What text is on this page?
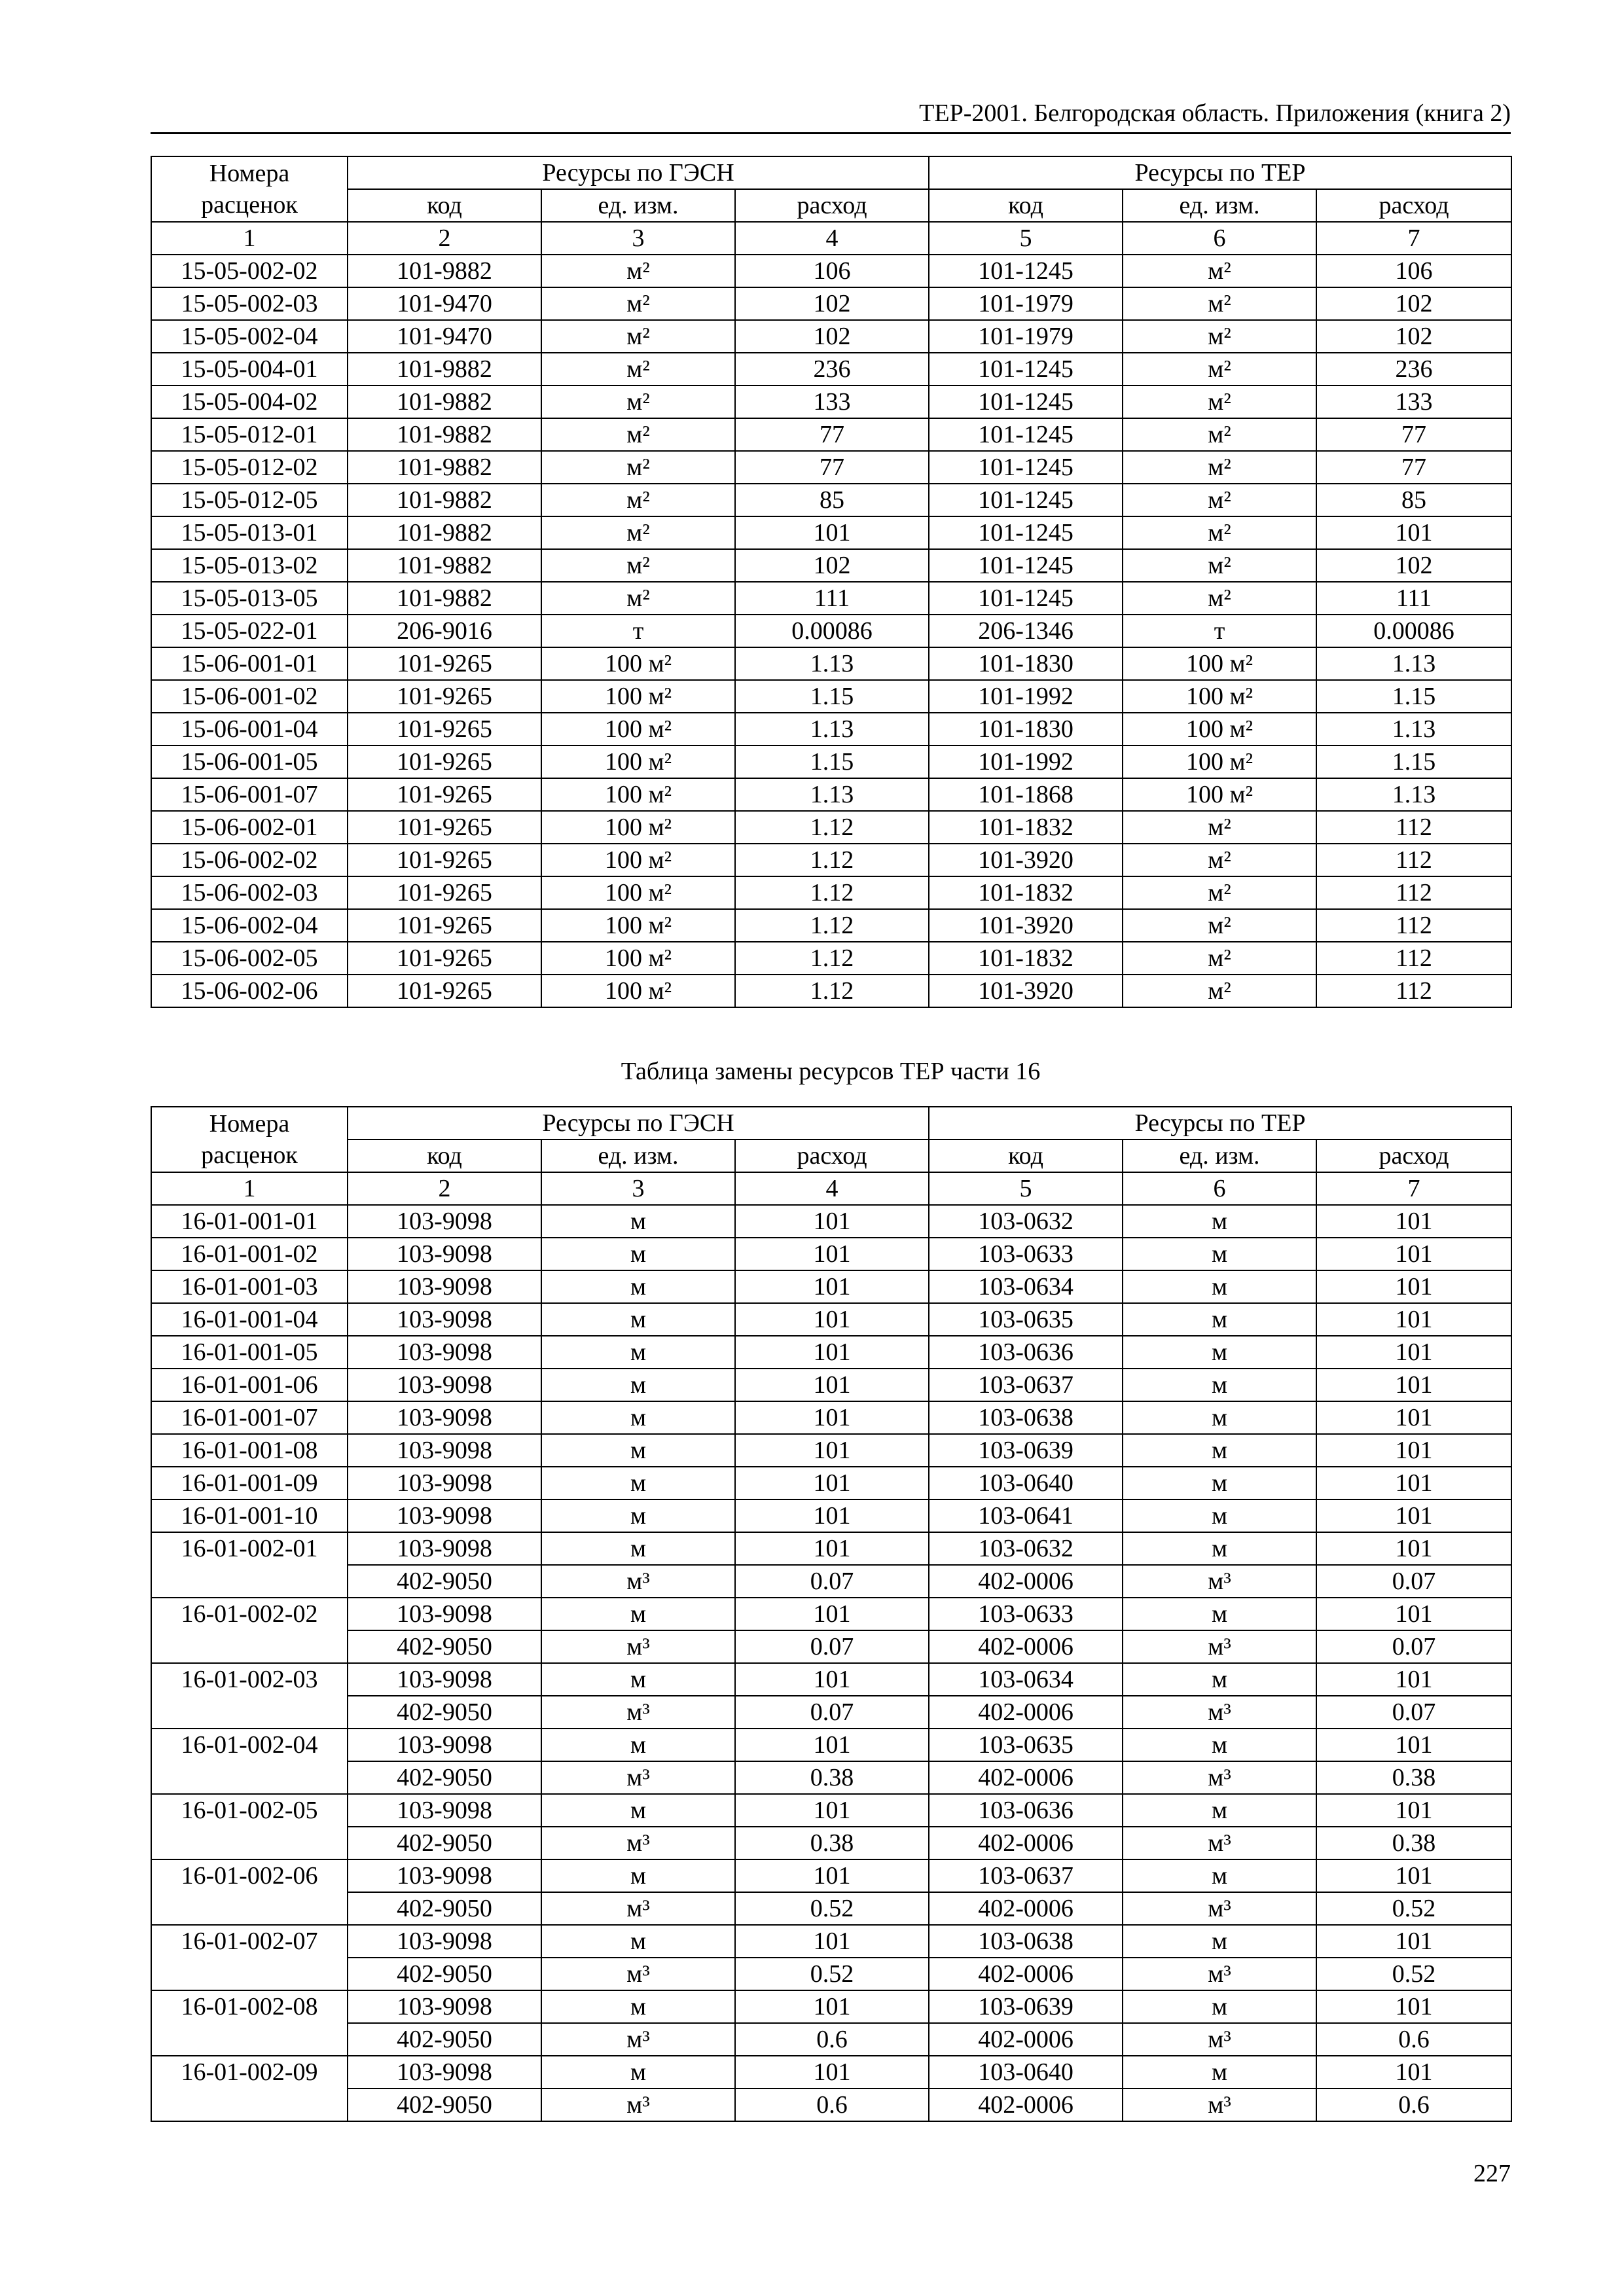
ТЕР-2001. Белгородская область. Приложения (книга 2)
Номера расценок	Ресурсы по ГЭСН			Ресурсы по ТЕР		
	код	ед. изм.	расход	код	ед. изм.	расход
1	2	3	4	5	6	7
15-05-002-02	101-9882	м²	106	101-1245	м²	106
15-05-002-03	101-9470	м²	102	101-1979	м²	102
15-05-002-04	101-9470	м²	102	101-1979	м²	102
15-05-004-01	101-9882	м²	236	101-1245	м²	236
15-05-004-02	101-9882	м²	133	101-1245	м²	133
15-05-012-01	101-9882	м²	77	101-1245	м²	77
15-05-012-02	101-9882	м²	77	101-1245	м²	77
15-05-012-05	101-9882	м²	85	101-1245	м²	85
15-05-013-01	101-9882	м²	101	101-1245	м²	101
15-05-013-02	101-9882	м²	102	101-1245	м²	102
15-05-013-05	101-9882	м²	111	101-1245	м²	111
15-05-022-01	206-9016	т	0.00086	206-1346	т	0.00086
15-06-001-01	101-9265	100 м²	1.13	101-1830	100 м²	1.13
15-06-001-02	101-9265	100 м²	1.15	101-1992	100 м²	1.15
15-06-001-04	101-9265	100 м²	1.13	101-1830	100 м²	1.13
15-06-001-05	101-9265	100 м²	1.15	101-1992	100 м²	1.15
15-06-001-07	101-9265	100 м²	1.13	101-1868	100 м²	1.13
15-06-002-01	101-9265	100 м²	1.12	101-1832	м²	112
15-06-002-02	101-9265	100 м²	1.12	101-3920	м²	112
15-06-002-03	101-9265	100 м²	1.12	101-1832	м²	112
15-06-002-04	101-9265	100 м²	1.12	101-3920	м²	112
15-06-002-05	101-9265	100 м²	1.12	101-1832	м²	112
15-06-002-06	101-9265	100 м²	1.12	101-3920	м²	112
Таблица замены ресурсов ТЕР части 16
Номера расценок	Ресурсы по ГЭСН			Ресурсы по ТЕР		
	код	ед. изм.	расход	код	ед. изм.	расход
1	2	3	4	5	6	7
16-01-001-01	103-9098	м	101	103-0632	м	101
16-01-001-02	103-9098	м	101	103-0633	м	101
16-01-001-03	103-9098	м	101	103-0634	м	101
16-01-001-04	103-9098	м	101	103-0635	м	101
16-01-001-05	103-9098	м	101	103-0636	м	101
16-01-001-06	103-9098	м	101	103-0637	м	101
16-01-001-07	103-9098	м	101	103-0638	м	101
16-01-001-08	103-9098	м	101	103-0639	м	101
16-01-001-09	103-9098	м	101	103-0640	м	101
16-01-001-10	103-9098	м	101	103-0641	м	101
16-01-002-01	103-9098	м	101	103-0632	м	101
	402-9050	м³	0.07	402-0006	м³	0.07
16-01-002-02	103-9098	м	101	103-0633	м	101
	402-9050	м³	0.07	402-0006	м³	0.07
16-01-002-03	103-9098	м	101	103-0634	м	101
	402-9050	м³	0.07	402-0006	м³	0.07
16-01-002-04	103-9098	м	101	103-0635	м	101
	402-9050	м³	0.38	402-0006	м³	0.38
16-01-002-05	103-9098	м	101	103-0636	м	101
	402-9050	м³	0.38	402-0006	м³	0.38
16-01-002-06	103-9098	м	101	103-0637	м	101
	402-9050	м³	0.52	402-0006	м³	0.52
16-01-002-07	103-9098	м	101	103-0638	м	101
	402-9050	м³	0.52	402-0006	м³	0.52
16-01-002-08	103-9098	м	101	103-0639	м	101
	402-9050	м³	0.6	402-0006	м³	0.6
16-01-002-09	103-9098	м	101	103-0640	м	101
	402-9050	м³	0.6	402-0006	м³	0.6
227
